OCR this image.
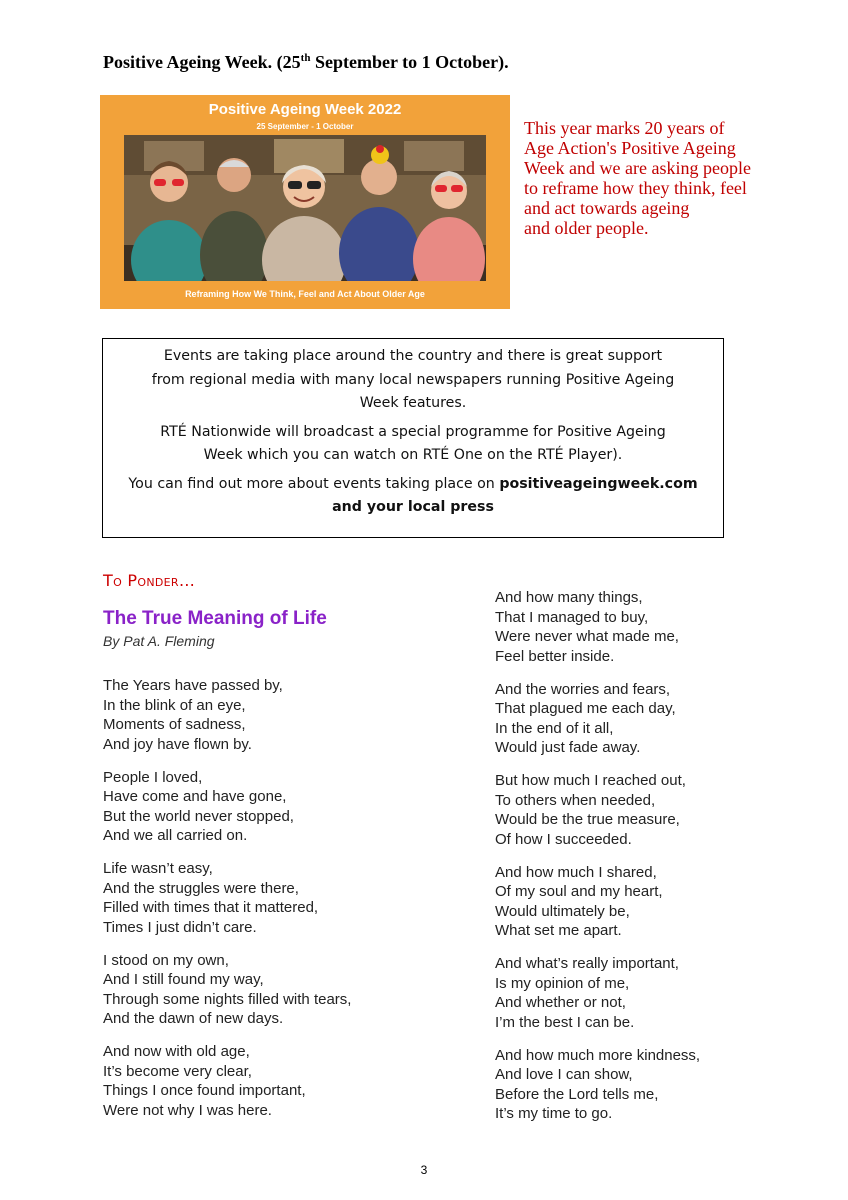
Positive Ageing Week. (25th September to 1 October).
Positive Ageing Week 2022
25 September - 1 October
Reframing How We Think, Feel and Act About Older Age
This year marks 20 years of
Age Action's Positive Ageing
Week and we are asking people
to reframe how they think, feel
and act towards ageing
and older people.

Events are taking place around the country and there is great support
from regional media with many local newspapers running Positive Ageing
Week features.

RTÉ Nationwide will broadcast a special programme for Positive Ageing
Week which you can watch on RTÉ One on the RTÉ Player).

You can find out more about events taking place on positiveageingweek.com
and your local press

To Ponder…
The True Meaning of Life
By Pat A. Fleming
The Years have passed by,
In the blink of an eye,
Moments of sadness,
And joy have flown by.
People I loved,
Have come and have gone,
But the world never stopped,
And we all carried on.
Life wasn’t easy,
And the struggles were there,
Filled with times that it mattered,
Times I just didn’t care.
I stood on my own,
And I still found my way,
Through some nights filled with tears,
And the dawn of new days.
And now with old age,
It’s become very clear,
Things I once found important,
Were not why I was here.
And how many things,
That I managed to buy,
Were never what made me,
Feel better inside.
And the worries and fears,
That plagued me each day,
In the end of it all,
Would just fade away.
But how much I reached out,
To others when needed,
Would be the true measure,
Of how I succeeded.
And how much I shared,
Of my soul and my heart,
Would ultimately be,
What set me apart.
And what’s really important,
Is my opinion of me,
And whether or not,
I’m the best I can be.
And how much more kindness,
And love I can show,
Before the Lord tells me,
It’s my time to go.
3
